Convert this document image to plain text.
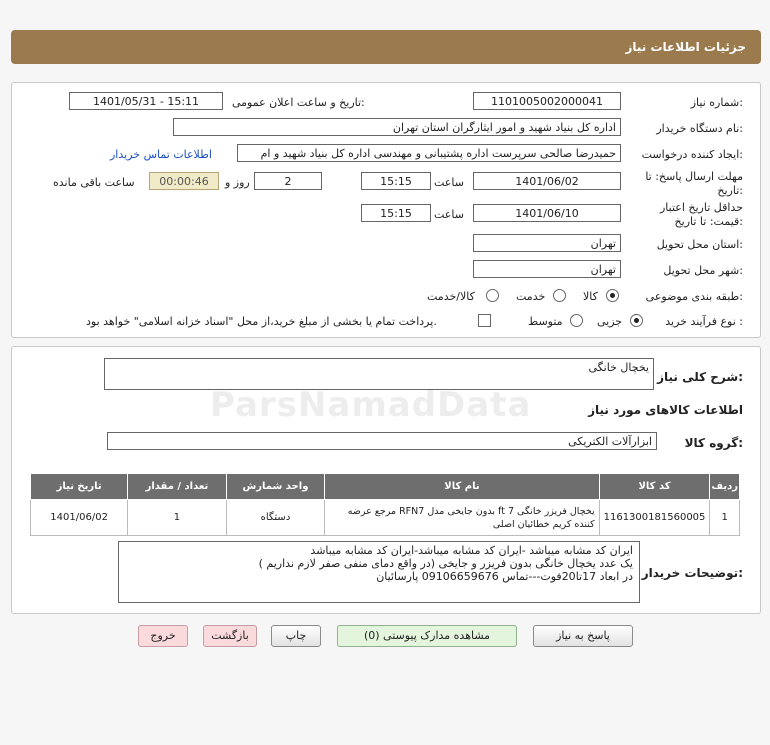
جزئیات اطلاعات نیاز
شماره نیاز:
1101005002000041
تاریخ و ساعت اعلان عمومی:
1401/05/31 - 15:11
نام دستگاه خریدار:
اداره کل بنیاد شهید و امور ایثارگران استان تهران
ایجاد کننده درخواست:
حمیدرضا صالحی سرپرست اداره پشتیبانی و مهندسی اداره کل بنیاد شهید و ام
اطلاعات تماس خریدار
مهلت ارسال پاسخ: تا
تاریخ:
1401/06/02
ساعت
15:15
2
روز و
00:00:46
ساعت باقی مانده
حداقل تاریخ اعتبار
قیمت: تا تاریخ:
1401/06/10
ساعت
15:15
استان محل تحویل:
تهران
شهر محل تحویل:
تهران
طبقه بندی موضوعی:
کالا
خدمت
کالا/خدمت
نوع فرآیند خرید :
جزیی
متوسط
پرداخت تمام یا بخشی از مبلغ خرید،از محل "اسناد خزانه اسلامی" خواهد بود.
شرح کلی نیاز:
یخچال خانگی
ParsNamadData	اطلاعات کالاهای مورد نیاز
گروه کالا:
ابزارآلات الکتریکی
تاریخ نیاز	تعداد / مقدار	واحد شمارش	نام کالا	کد کالا	ردیف
1401/06/02	1	دستگاه	یخچال فریزر خانگی 7 ft بدون جایخی مدل RFN7 مرجع عرضه کننده کریم خطائیان اصلی	1161300181560005	1
توضیحات خریدار:
ایران کد مشابه میباشد -ایران کد مشابه میباشد-ایران کد مشابه میباشد
یک عدد یخچال خانگی بدون فریزر و جایخی (در واقع دمای منفی صفر لازم نداریم )
در ابعاد 17تا20فوت---تماس 09106659676 پارسائیان
پاسخ به نیاز
مشاهده مدارک پیوستی (0)
چاپ
بازگشت
خروج
